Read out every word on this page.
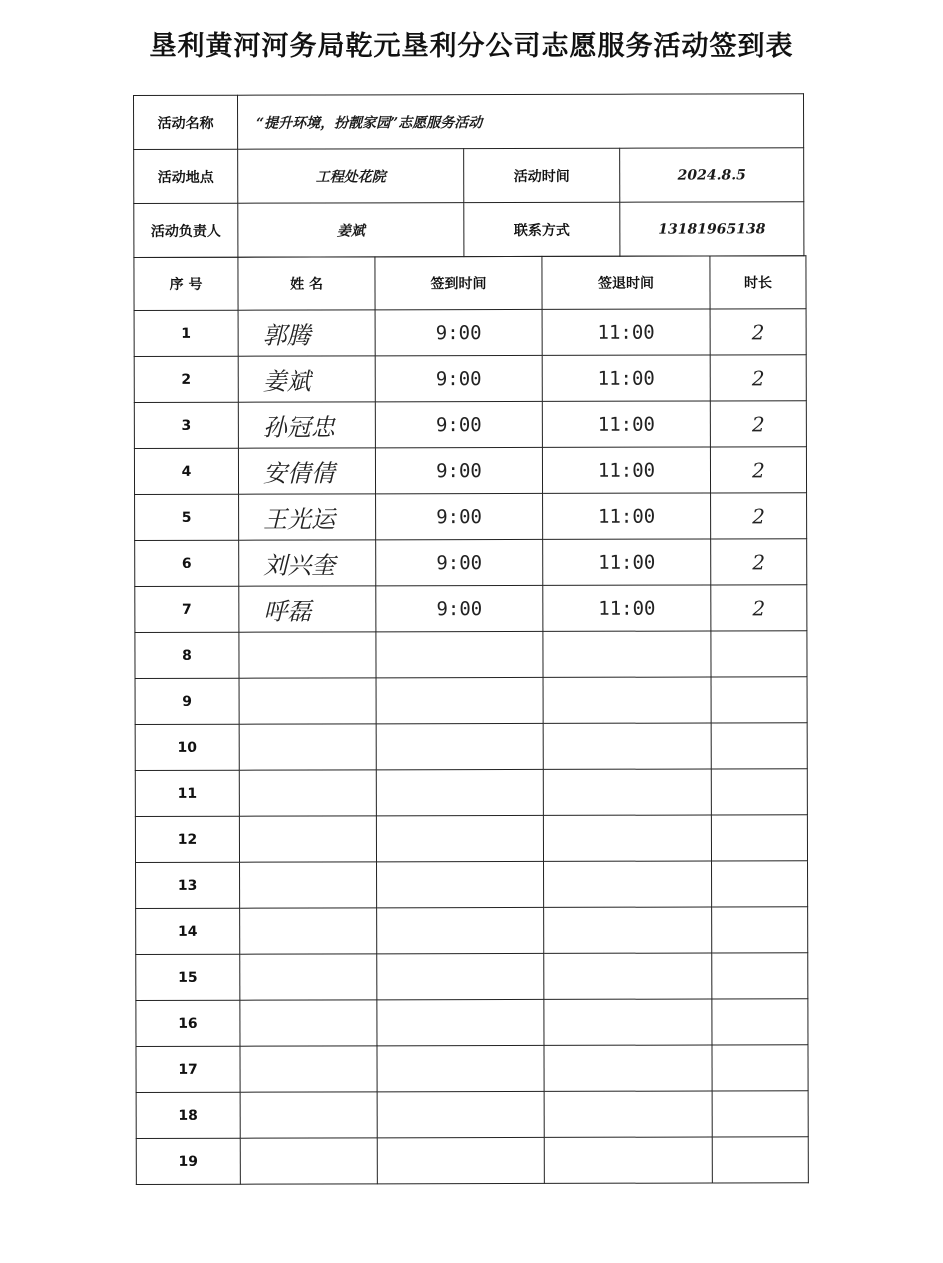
垦利黄河河务局乾元垦利分公司志愿服务活动签到表
活动名称	“提升环境，扮靓家园”志愿服务活动		
活动地点	工程处花院	活动时间	2024.8.5
活动负责人	姜斌	联系方式	13181965138
序 号	姓 名	签到时间	签退时间	时长
1	郭腾	9:00	11:00	2
2	姜斌	9:00	11:00	2
3	孙冠忠	9:00	11:00	2
4	安倩倩	9:00	11:00	2
5	王光运	9:00	11:00	2
6	刘兴奎	9:00	11:00	2
7	呼磊	9:00	11:00	2
8				
9				
10				
11				
12				
13				
14				
15				
16				
17				
18				
19				
